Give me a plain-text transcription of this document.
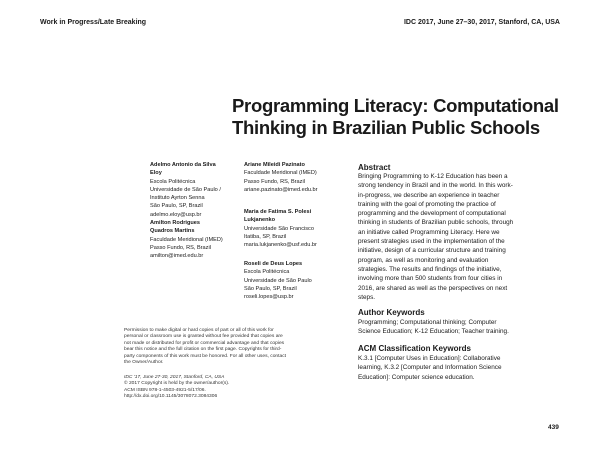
Work in Progress/Late Breaking	IDC 2017, June 27–30, 2017, Stanford, CA, USA
Programming Literacy: Computational
Thinking in Brazilian Public Schools
Adelmo Antonio da Silva
Eloy
Escola Politécnica
Universidade de São Paulo /
Instituto Ayrton Senna
São Paulo, SP, Brazil
adelmo.eloy@usp.br
Amilton Rodrigues
Quadros Martins
Faculdade Meridional (IMED)
Passo Fundo, RS, Brazil
amilton@imed.edu.br
Ariane Mileidi Pazinato
Faculdade Meridional (IMED)
Passo Fundo, RS, Brazil
ariane.pazinato@imed.edu.br
Maria de Fatima S. Polesi
Lukjanenko
Universidade São Francisco
Itatiba, SP, Brazil
maria.lukjanenko@usf.edu.br
Roseli de Deus Lopes
Escola Politécnica
Universidade de São Paulo
São Paulo, SP, Brazil
roseli.lopes@usp.br
Abstract
Bringing Programming to K-12 Education has been a
strong tendency in Brazil and in the world. In this work-
in-progress, we describe an experience in teacher
training with the goal of promoting the practice of
programming and the development of computational
thinking in students of Brazilian public schools, through
an initiative called Programming Literacy. Here we
present strategies used in the implementation of the
initiative, design of a curricular structure and training
program, as well as monitoring and evaluation
strategies. The results and findings of the initiative,
involving more than 500 students from four cities in
2016, are shared as well as the perspectives on next
steps.
Author Keywords
Programming; Computational thinking; Computer
Science Education; K-12 Education; Teacher training.
ACM Classification Keywords
K.3.1 [Computer Uses in Education]: Collaborative
learning, K.3.2 [Computer and Information Science
Education]: Computer science education.
Permission to make digital or hard copies of part or all of this work for
personal or classroom use is granted without fee provided that copies are
not made or distributed for profit or commercial advantage and that copies
bear this notice and the full citation on the first page. Copyrights for third-
party components of this work must be honored. For all other uses, contact
the Owner/Author.
IDC '17, June 27-30, 2017, Stanford, CA, USA
© 2017 Copyright is held by the owner/author(s).
ACM ISBN 978-1-4503-4921-5/17/06.
http://dx.doi.org/10.1145/3078072.3084306
439
